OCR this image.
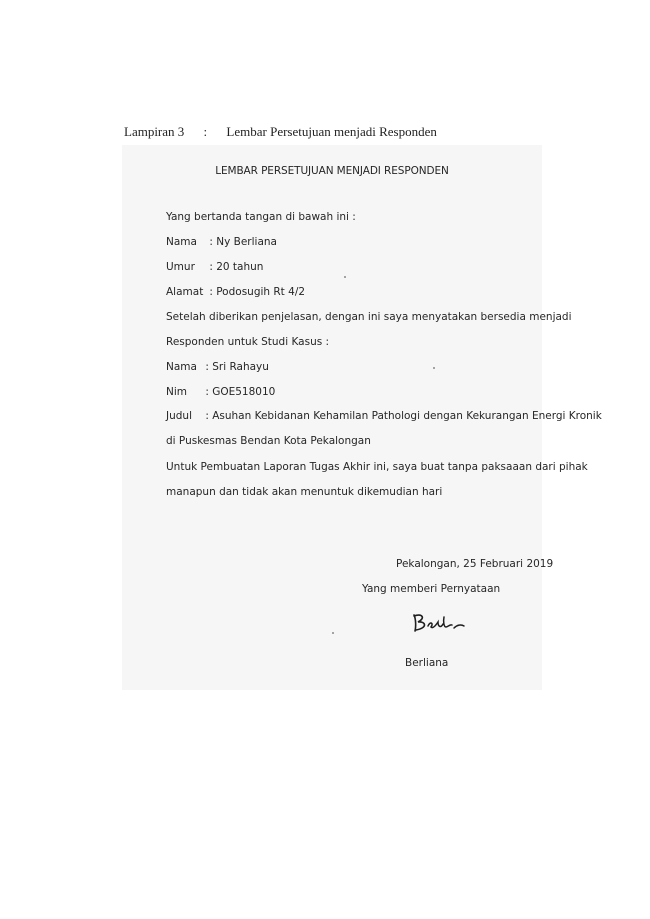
Lampiran 3 : Lembar Persetujuan menjadi Responden
LEMBAR PERSETUJUAN MENJADI RESPONDEN
Yang bertanda tangan di bawah ini :
Nama : Ny Berliana
Umur : 20 tahun
Alamat : Podosugih Rt 4/2
Setelah diberikan penjelasan, dengan ini saya menyatakan bersedia menjadi
Responden untuk Studi Kasus :
Nama : Sri Rahayu
Nim : GOE518010
Judul : Asuhan Kebidanan Kehamilan Pathologi dengan Kekurangan Energi Kronik
di Puskesmas Bendan Kota Pekalongan
Untuk Pembuatan Laporan Tugas Akhir ini, saya buat tanpa paksaaan dari pihak
manapun dan tidak akan menuntuk dikemudian hari
Pekalongan, 25 Februari 2019
Yang memberi Pernyataan
Berliana
